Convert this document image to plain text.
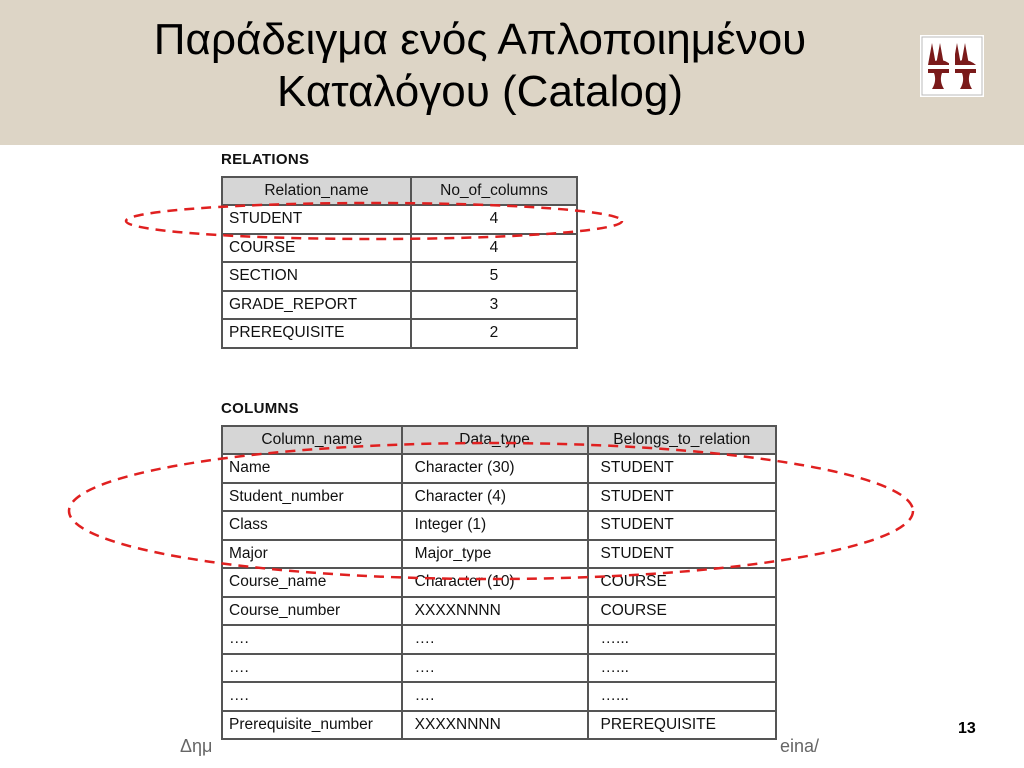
Παράδειγμα ενός Απλοποιημένου
Καταλόγου (Catalog)
RELATIONS
Relation_name	No_of_columns
STUDENT	4
COURSE	4
SECTION	5
GRADE_REPORT	3
PREREQUISITE	2
COLUMNS
Column_name	Data_type	Belongs_to_relation
Name	Character (30)	STUDENT
Student_number	Character (4)	STUDENT
Class	Integer (1)	STUDENT
Major	Major_type	STUDENT
Course_name	Character (10)	COURSE
Course_number	XXXXNNNN	COURSE
….	….	…...
….	….	…...
….	….	…...
Prerequisite_number	XXXXNNNN	PREREQUISITE
Δημ	eina/
13
